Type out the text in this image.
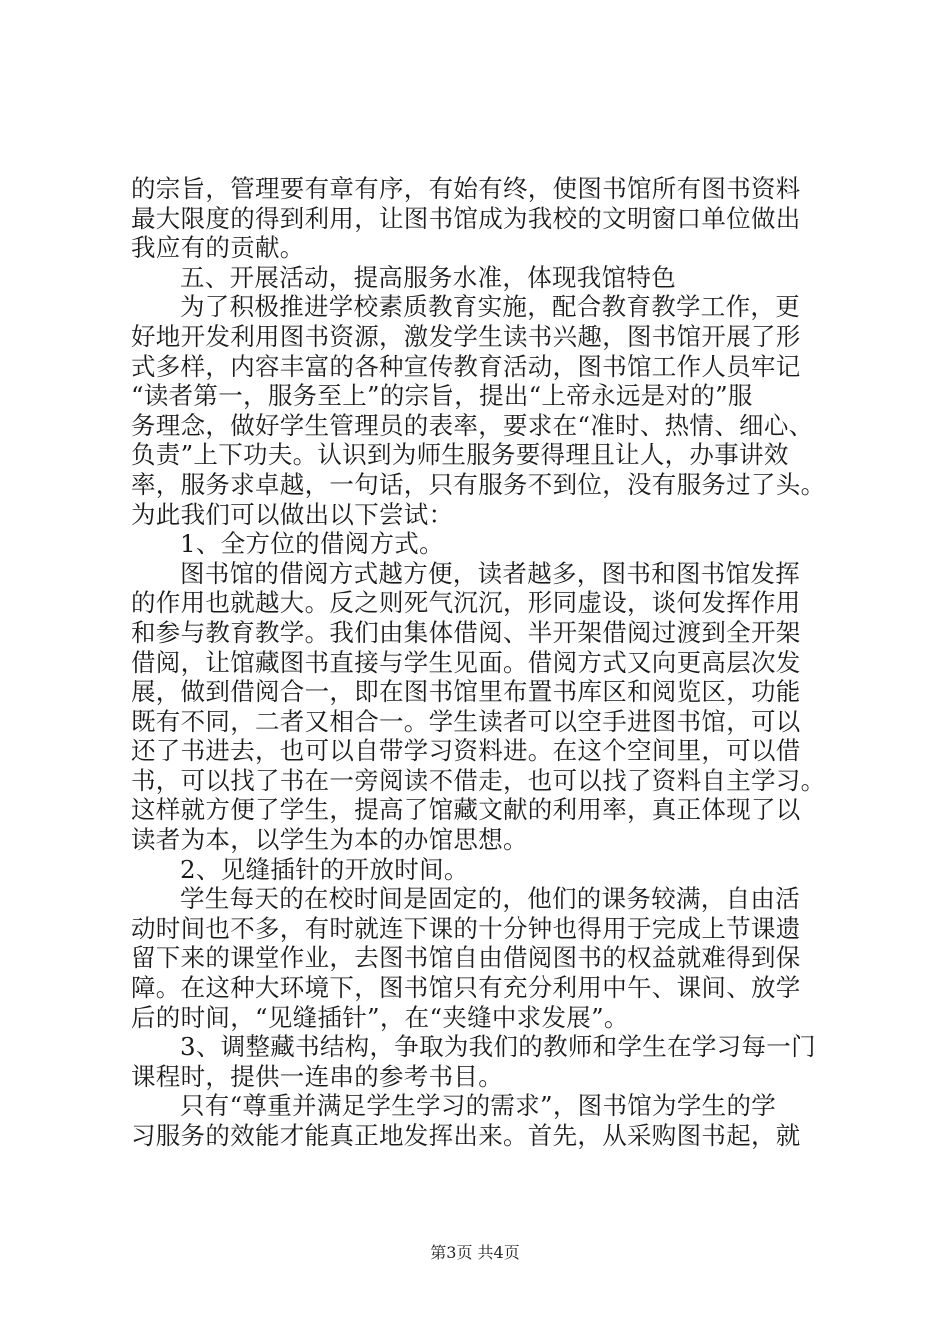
的宗旨，管理要有章有序，有始有终，使图书馆所有图书资料
最大限度的得到利用，让图书馆成为我校的文明窗口单位做出
我应有的贡献。
五、开展活动，提高服务水准，体现我馆特色
为了积极推进学校素质教育实施，配合教育教学工作，更
好地开发利用图书资源，激发学生读书兴趣，图书馆开展了形
式多样，内容丰富的各种宣传教育活动，图书馆工作人员牢记
“读者第一，服务至上”的宗旨，提出“上帝永远是对的”服
务理念，做好学生管理员的表率，要求在“准时、热情、细心、
负责”上下功夫。认识到为师生服务要得理且让人，办事讲效
率，服务求卓越，一句话，只有服务不到位，没有服务过了头。
为此我们可以做出以下尝试：
1、全方位的借阅方式。
图书馆的借阅方式越方便，读者越多，图书和图书馆发挥
的作用也就越大。反之则死气沉沉，形同虚设，谈何发挥作用
和参与教育教学。我们由集体借阅、半开架借阅过渡到全开架
借阅，让馆藏图书直接与学生见面。借阅方式又向更高层次发
展，做到借阅合一，即在图书馆里布置书库区和阅览区，功能
既有不同，二者又相合一。学生读者可以空手进图书馆，可以
还了书进去，也可以自带学习资料进。在这个空间里，可以借
书，可以找了书在一旁阅读不借走，也可以找了资料自主学习。
这样就方便了学生，提高了馆藏文献的利用率，真正体现了以
读者为本，以学生为本的办馆思想。
2、见缝插针的开放时间。
学生每天的在校时间是固定的，他们的课务较满，自由活
动时间也不多，有时就连下课的十分钟也得用于完成上节课遗
留下来的课堂作业，去图书馆自由借阅图书的权益就难得到保
障。在这种大环境下，图书馆只有充分利用中午、课间、放学
后的时间，“见缝插针”，在“夹缝中求发展”。
3、调整藏书结构，争取为我们的教师和学生在学习每一门
课程时，提供一连串的参考书目。
只有“尊重并满足学生学习的需求”，图书馆为学生的学
习服务的效能才能真正地发挥出来。首先，从采购图书起，就
第3页 共4页
